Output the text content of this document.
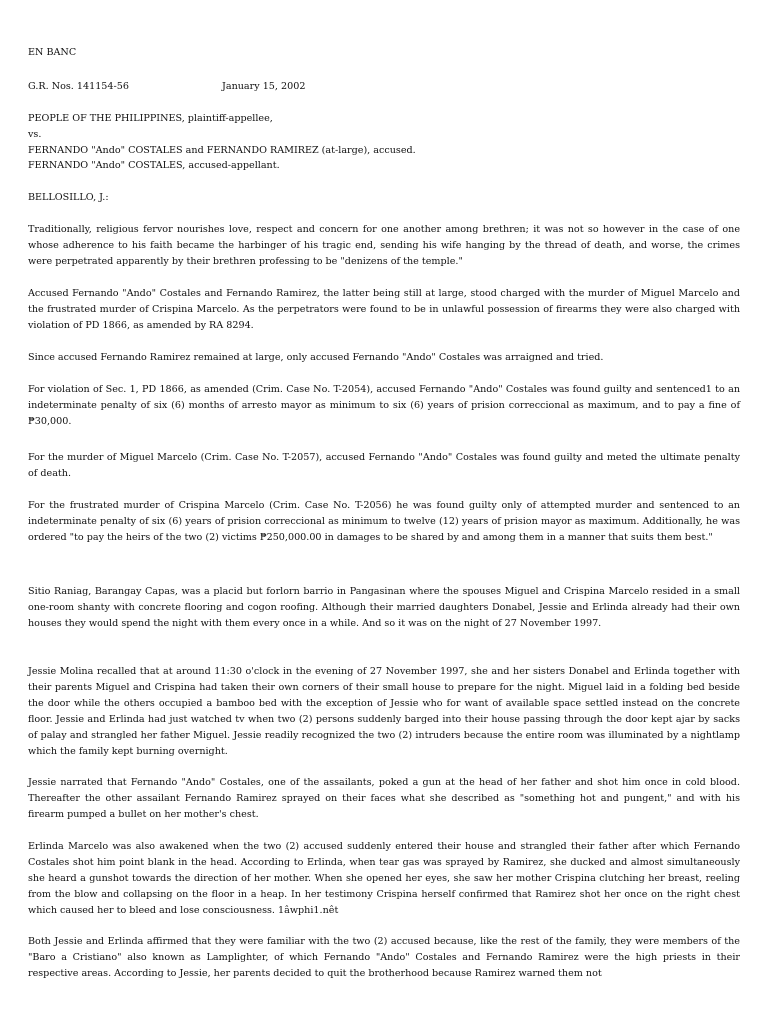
EN BANC
G.R. Nos. 141154-56	January 15, 2002
PEOPLE OF THE PHILIPPINES, plaintiff-appellee,
vs.
FERNANDO "Ando" COSTALES and FERNANDO RAMIREZ (at-large), accused.
FERNANDO "Ando" COSTALES, accused-appellant.
BELLOSILLO, J.:

Traditionally, religious fervor nourishes love, respect and concern for one another among brethren; it was not so however in the case of one whose adherence to his faith became the harbinger of his tragic end, sending his wife hanging by the thread of death, and worse, the crimes were perpetrated apparently by their brethren professing to be "denizens of the temple."

Accused Fernando "Ando" Costales and Fernando Ramirez, the latter being still at large, stood charged with the murder of Miguel Marcelo and the frustrated murder of Crispina Marcelo. As the perpetrators were found to be in unlawful possession of firearms they were also charged with violation of PD 1866, as amended by RA 8294.

Since accused Fernando Ramirez remained at large, only accused Fernando "Ando" Costales was arraigned and tried.

For violation of Sec. 1, PD 1866, as amended (Crim. Case No. T-2054), accused Fernando "Ando" Costales was found guilty and sentenced1 to an indeterminate penalty of six (6) months of arresto mayor as minimum to six (6) years of prision correccional as maximum, and to pay a fine of ₱30,000.

For the murder of Miguel Marcelo (Crim. Case No. T-2057), accused Fernando "Ando" Costales was found guilty and meted the ultimate penalty of death.

For the frustrated murder of Crispina Marcelo (Crim. Case No. T-2056) he was found guilty only of attempted murder and sentenced to an indeterminate penalty of six (6) years of prision correccional as minimum to twelve (12) years of prision mayor as maximum. Additionally, he was ordered "to pay the heirs of the two (2) victims ₱250,000.00 in damages to be shared by and among them in a manner that suits them best."

Sitio Raniag, Barangay Capas, was a placid but forlorn barrio in Pangasinan where the spouses Miguel and Crispina Marcelo resided in a small one-room shanty with concrete flooring and cogon roofing. Although their married daughters Donabel, Jessie and Erlinda already had their own houses they would spend the night with them every once in a while. And so it was on the night of 27 November 1997.

Jessie Molina recalled that at around 11:30 o'clock in the evening of 27 November 1997, she and her sisters Donabel and Erlinda together with their parents Miguel and Crispina had taken their own corners of their small house to prepare for the night. Miguel laid in a folding bed beside the door while the others occupied a bamboo bed with the exception of Jessie who for want of available space settled instead on the concrete floor. Jessie and Erlinda had just watched tv when two (2) persons suddenly barged into their house passing through the door kept ajar by sacks of palay and strangled her father Miguel. Jessie readily recognized the two (2) intruders because the entire room was illuminated by a nightlamp which the family kept burning overnight.

Jessie narrated that Fernando "Ando" Costales, one of the assailants, poked a gun at the head of her father and shot him once in cold blood. Thereafter the other assailant Fernando Ramirez sprayed on their faces what she described as "something hot and pungent," and with his firearm pumped a bullet on her mother's chest.

Erlinda Marcelo was also awakened when the two (2) accused suddenly entered their house and strangled their father after which Fernando Costales shot him point blank in the head. According to Erlinda, when tear gas was sprayed by Ramirez, she ducked and almost simultaneously she heard a gunshot towards the direction of her mother. When she opened her eyes, she saw her mother Crispina clutching her breast, reeling from the blow and collapsing on the floor in a heap. In her testimony Crispina herself confirmed that Ramirez shot her once on the right chest which caused her to bleed and lose consciousness. 1âwphi1.nêt

Both Jessie and Erlinda affirmed that they were familiar with the two (2) accused because, like the rest of the family, they were members of the "Baro a Cristiano" also known as Lamplighter, of which Fernando "Ando" Costales and Fernando Ramirez were the high priests in their respective areas. According to Jessie, her parents decided to quit the brotherhood because Ramirez warned them not
